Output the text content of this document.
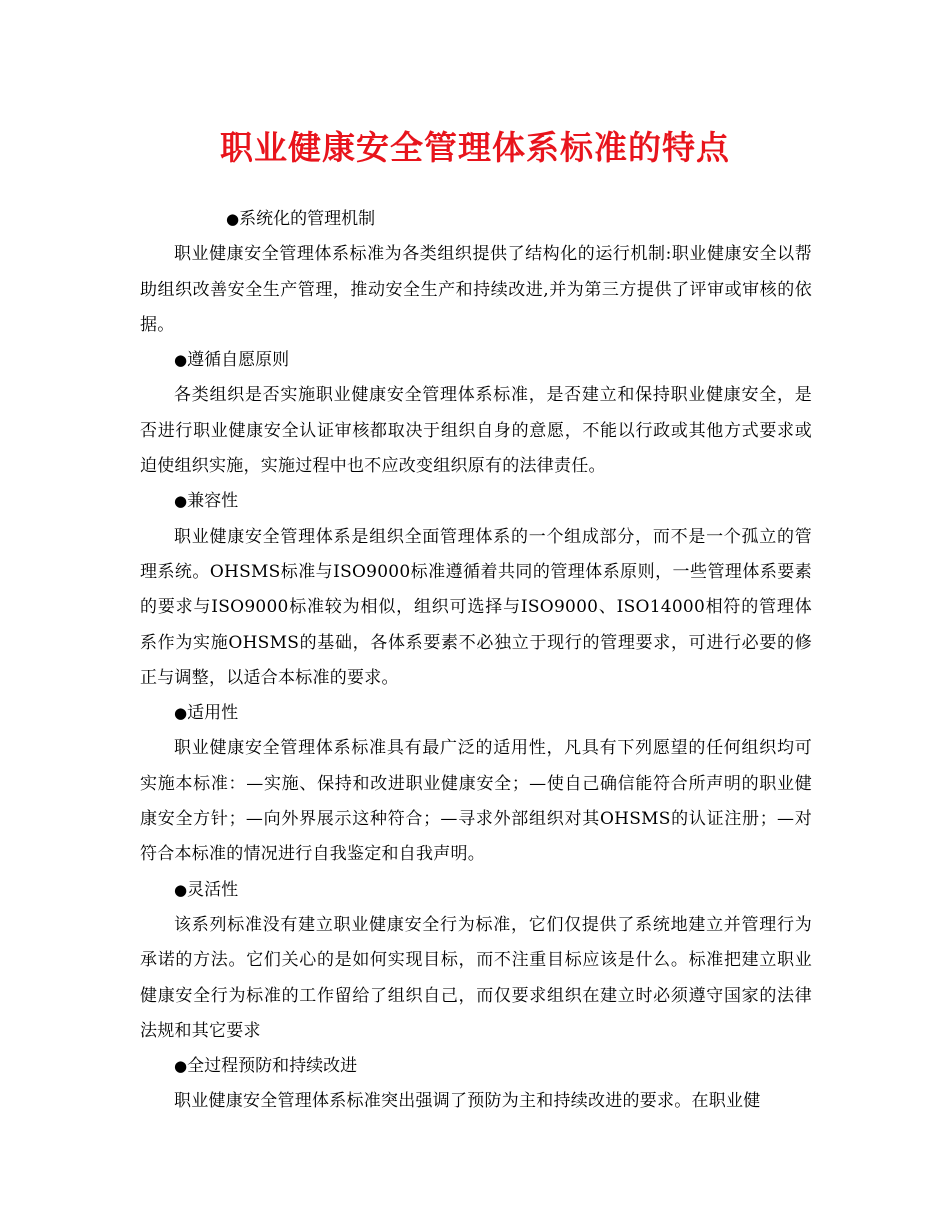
职业健康安全管理体系标准的特点

●系统化的管理机制

职业健康安全管理体系标准为各类组织提供了结构化的运行机制:职业健康安全以帮助组织改善安全生产管理，推动安全生产和持续改进,并为第三方提供了评审或审核的依据。

●遵循自愿原则

各类组织是否实施职业健康安全管理体系标准，是否建立和保持职业健康安全，是否进行职业健康安全认证审核都取决于组织自身的意愿，不能以行政或其他方式要求或迫使组织实施，实施过程中也不应改变组织原有的法律责任。

●兼容性

职业健康安全管理体系是组织全面管理体系的一个组成部分，而不是一个孤立的管理系统。OHSMS标准与ISO9000标准遵循着共同的管理体系原则，一些管理体系要素的要求与ISO9000标准较为相似，组织可选择与ISO9000、ISO14000相符的管理体系作为实施OHSMS的基础，各体系要素不必独立于现行的管理要求，可进行必要的修正与调整，以适合本标准的要求。

●适用性

职业健康安全管理体系标准具有最广泛的适用性，凡具有下列愿望的任何组织均可实施本标准：—实施、保持和改进职业健康安全；—使自己确信能符合所声明的职业健康安全方针；—向外界展示这种符合；—寻求外部组织对其OHSMS的认证注册；—对符合本标准的情况进行自我鉴定和自我声明。

●灵活性

该系列标准没有建立职业健康安全行为标准，它们仅提供了系统地建立并管理行为承诺的方法。它们关心的是如何实现目标，而不注重目标应该是什么。标准把建立职业健康安全行为标准的工作留给了组织自己，而仅要求组织在建立时必须遵守国家的法律法规和其它要求

●全过程预防和持续改进

职业健康安全管理体系标准突出强调了预防为主和持续改进的要求。在职业健
